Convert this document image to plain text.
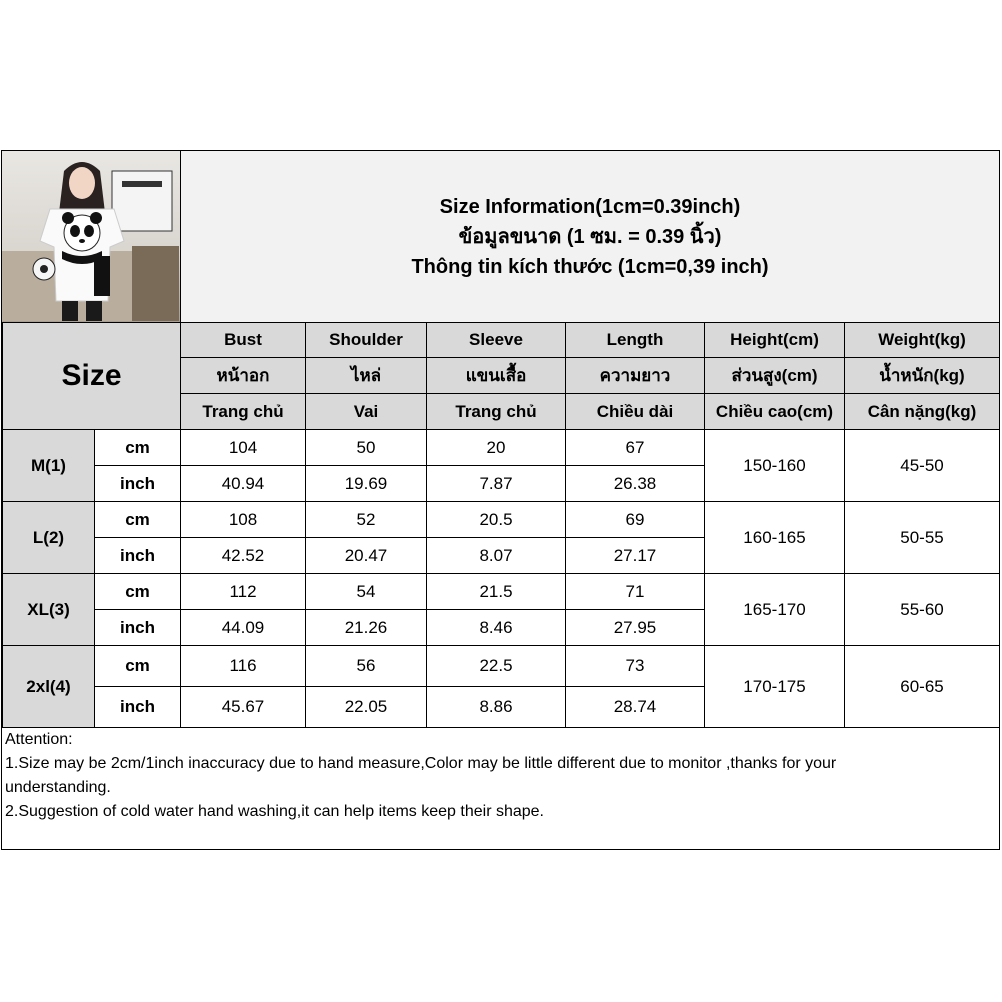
Size Information(1cm=0.39inch)
ข้อมูลขนาด (1 ซม. = 0.39 นิ้ว)
Thông tin kích thước (1cm=0,39 inch)
Size		Bust	Shoulder	Sleeve	Length	Height(cm)	Weight(kg)
		หน้าอก	ไหล่	แขนเสื้อ	ความยาว	ส่วนสูง(cm)	น้ำหนัก(kg)
		Trang chủ	Vai	Trang chủ	Chiều dài	Chiều cao(cm)	Cân nặng(kg)
M(1)	cm	104	50	20	67	150-160	45-50
	inch	40.94	19.69	7.87	26.38		
L(2)	cm	108	52	20.5	69	160-165	50-55
	inch	42.52	20.47	8.07	27.17		
XL(3)	cm	112	54	21.5	71	165-170	55-60
	inch	44.09	21.26	8.46	27.95		
2xl(4)	cm	116	56	22.5	73	170-175	60-65
	inch	45.67	22.05	8.86	28.74		
Attention:
1.Size may be 2cm/1inch inaccuracy due to hand measure,Color may be little different due to monitor ,thanks for your
understanding.
2.Suggestion of cold water hand washing,it can help items keep their shape.
